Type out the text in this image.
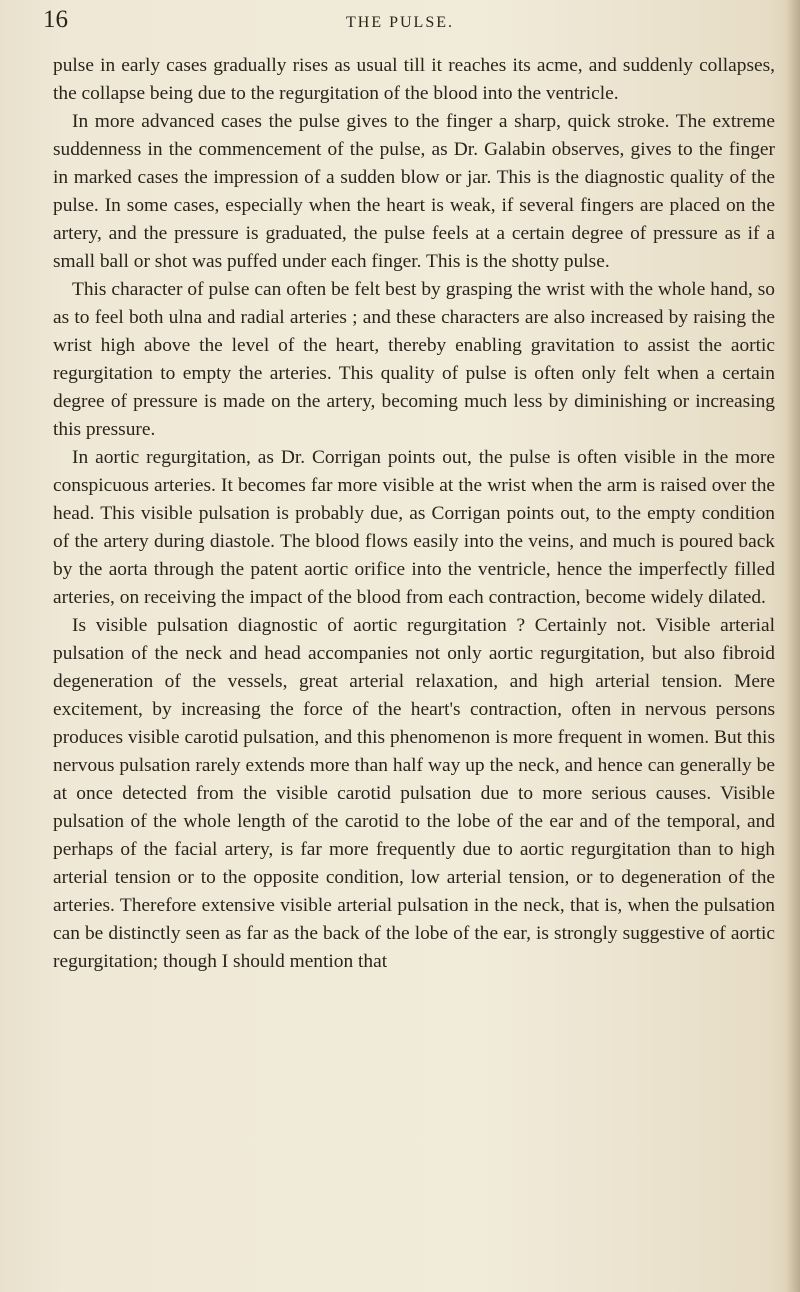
16	THE PULSE.

pulse in early cases gradually rises as usual till it reaches its acme, and suddenly collapses, the collapse being due to the regurgitation of the blood into the ventricle.

In more advanced cases the pulse gives to the finger a sharp, quick stroke. The extreme suddenness in the commencement of the pulse, as Dr. Galabin observes, gives to the finger in marked cases the impression of a sudden blow or jar. This is the diagnostic quality of the pulse. In some cases, especially when the heart is weak, if several fingers are placed on the artery, and the pressure is graduated, the pulse feels at a certain degree of pressure as if a small ball or shot was puffed under each finger. This is the shotty pulse.

This character of pulse can often be felt best by grasping the wrist with the whole hand, so as to feel both ulna and radial arteries ; and these characters are also increased by raising the wrist high above the level of the heart, thereby enabling gravitation to assist the aortic regurgitation to empty the arteries. This quality of pulse is often only felt when a certain degree of pressure is made on the artery, becoming much less by diminishing or increasing this pressure.

In aortic regurgitation, as Dr. Corrigan points out, the pulse is often visible in the more conspicuous arteries. It becomes far more visible at the wrist when the arm is raised over the head. This visible pulsation is probably due, as Corrigan points out, to the empty condition of the artery during diastole. The blood flows easily into the veins, and much is poured back by the aorta through the patent aortic orifice into the ventricle, hence the imperfectly filled arteries, on receiving the impact of the blood from each contraction, become widely dilated.

Is visible pulsation diagnostic of aortic regurgitation ? Certainly not. Visible arterial pulsation of the neck and head accompanies not only aortic regurgitation, but also fibroid degeneration of the vessels, great arterial relaxation, and high arterial tension. Mere excitement, by increasing the force of the heart's contraction, often in nervous persons produces visible carotid pulsation, and this phenomenon is more frequent in women. But this nervous pulsation rarely extends more than half way up the neck, and hence can generally be at once detected from the visible carotid pulsation due to more serious causes. Visible pulsation of the whole length of the carotid to the lobe of the ear and of the temporal, and perhaps of the facial artery, is far more frequently due to aortic regurgitation than to high arterial tension or to the opposite condition, low arterial tension, or to degeneration of the arteries. Therefore extensive visible arterial pulsation in the neck, that is, when the pulsation can be distinctly seen as far as the back of the lobe of the ear, is strongly suggestive of aortic regurgitation; though I should mention that
